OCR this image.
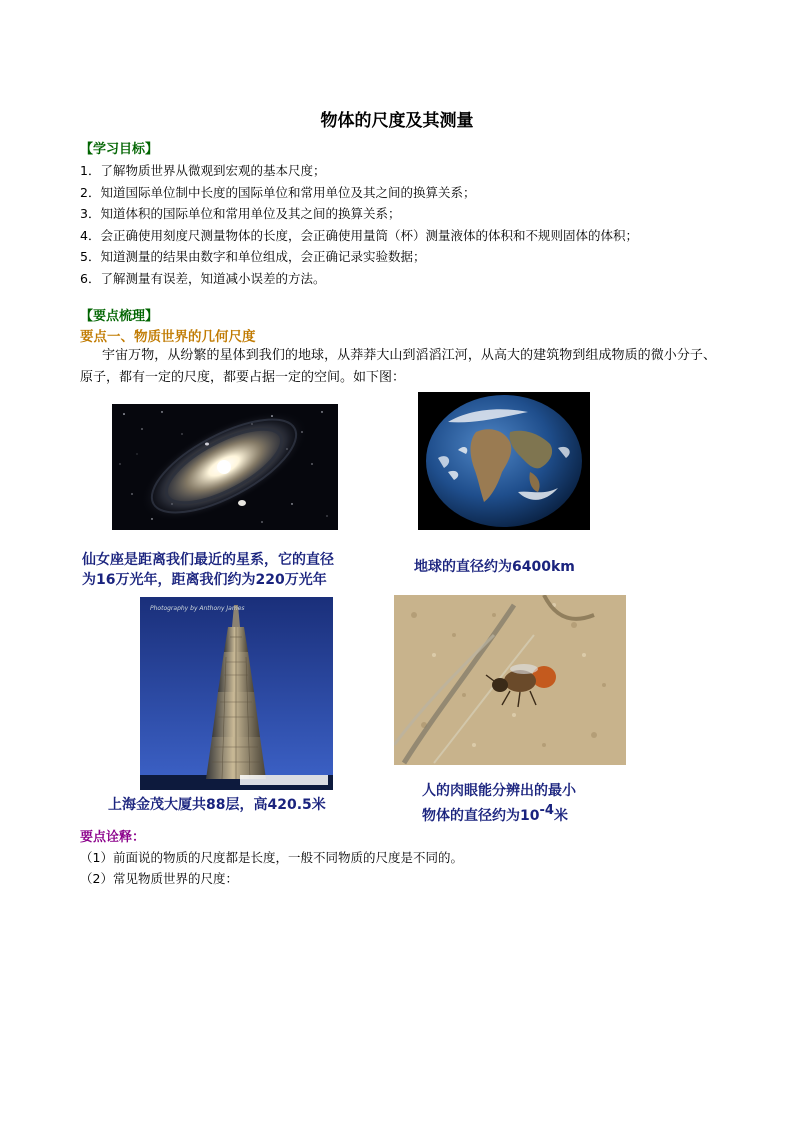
物体的尺度及其测量
【学习目标】
1．了解物质世界从微观到宏观的基本尺度；
2．知道国际单位制中长度的国际单位和常用单位及其之间的换算关系；
3．知道体积的国际单位和常用单位及其之间的换算关系；
4．会正确使用刻度尺测量物体的长度，会正确使用量筒（杯）测量液体的体积和不规则固体的体积；
5．知道测量的结果由数字和单位组成，会正确记录实验数据；
6．了解测量有误差，知道减小误差的方法。
【要点梳理】
要点一、物质世界的几何尺度

宇宙万物，从纷繁的星体到我们的地球，从莽莽大山到滔滔江河，从高大的建筑物到组成物质的微小分子、原子，都有一定的尺度，都要占据一定的空间。如下图：

仙女座是距离我们最近的星系，它的直径
为16万光年，距离我们约为220万光年
地球的直径约为6400km
Photography by Anthony James
上海金茂大厦共88层，高420.5米
人的肉眼能分辨出的最小
物体的直径约为$10^{-4}$米
要点诠释：
（1）前面说的物质的尺度都是长度，一般不同物质的尺度是不同的。
（2）常见物质世界的尺度：
